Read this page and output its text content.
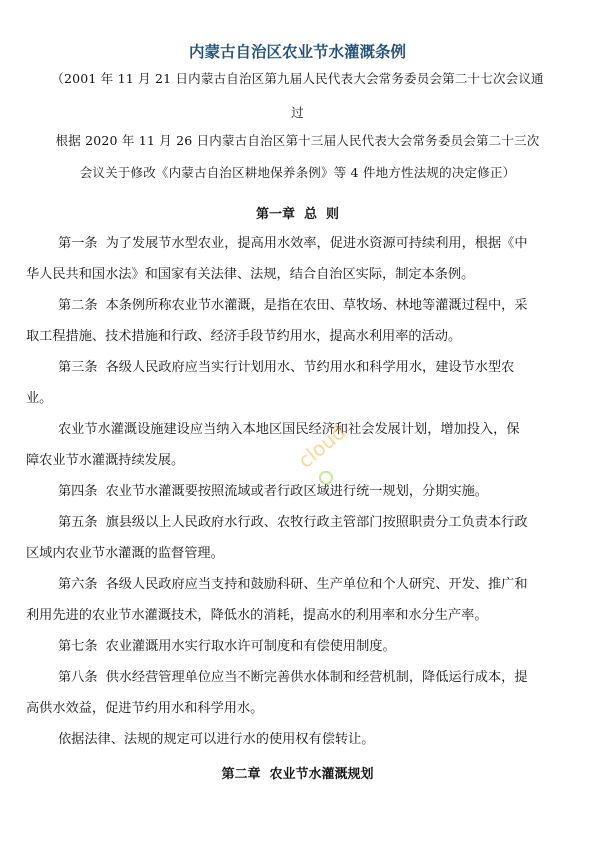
内蒙古自治区农业节水灌溉条例

（2001 年 11 月 21 日内蒙古自治区第九届人民代表大会常务委员会第二十七次会议通

过

根据 2020 年 11 月 26 日内蒙古自治区第十三届人民代表大会常务委员会第二十三次

会议关于修改《内蒙古自治区耕地保养条例》等 4 件地方性法规的决定修正）

第一章  总  则
第一条 为了发展节水型农业，提高用水效率，促进水资源可持续利用，根据《中
华人民共和国水法》和国家有关法律、法规，结合自治区实际，制定本条例。
第二条 本条例所称农业节水灌溉，是指在农田、草牧场、林地等灌溉过程中，采
取工程措施、技术措施和行政、经济手段节约用水，提高水利用率的活动。
第三条 各级人民政府应当实行计划用水、节约用水和科学用水，建设节水型农
业。
农业节水灌溉设施建设应当纳入本地区国民经济和社会发展计划，增加投入，保
障农业节水灌溉持续发展。
第四条 农业节水灌溉要按照流域或者行政区域进行统一规划，分期实施。
第五条 旗县级以上人民政府水行政、农牧行政主管部门按照职责分工负责本行政
区域内农业节水灌溉的监督管理。
第六条 各级人民政府应当支持和鼓励科研、生产单位和个人研究、开发、推广和
利用先进的农业节水灌溉技术，降低水的消耗，提高水的利用率和水分生产率。
第七条 农业灌溉用水实行取水许可制度和有偿使用制度。
第八条 供水经营管理单位应当不断完善供水体制和经营机制，降低运行成本，提
高供水效益，促进节约用水和科学用水。
依据法律、法规的规定可以进行水的使用权有偿转让。
第二章  农业节水灌溉规划
cloud
